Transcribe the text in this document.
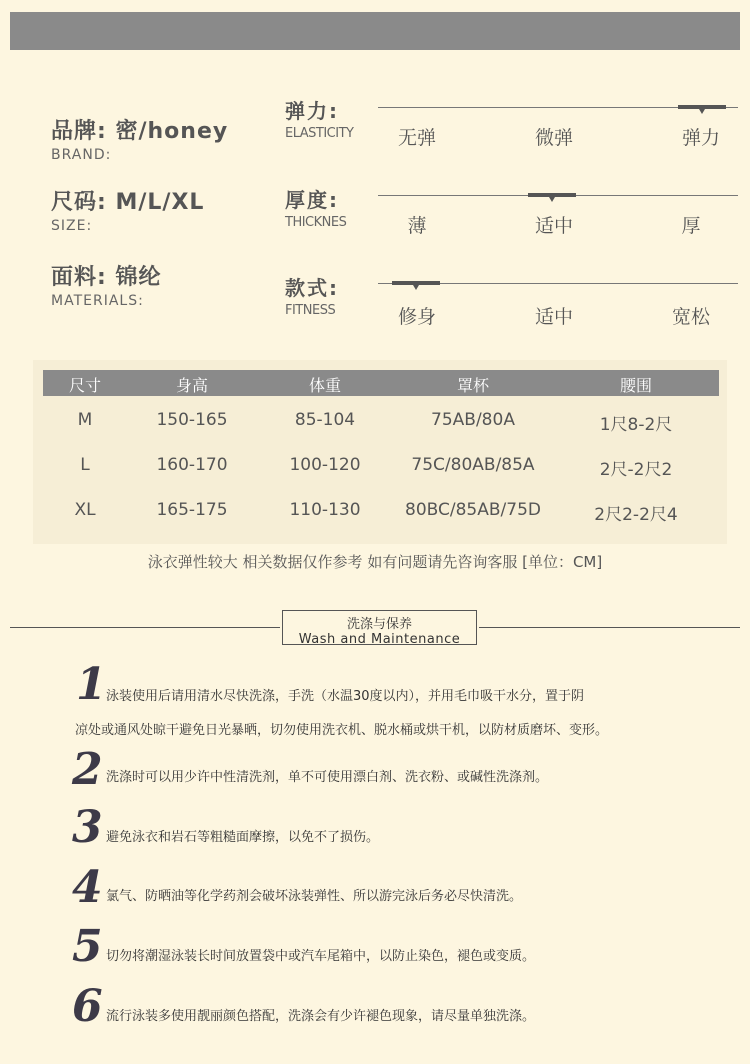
品牌: 密/honey
BRAND:
尺码: M/L/XL
SIZE:
面料: 锦纶
MATERIALS:
弹力:
ELASTICITY	无弹	微弹	弹力
厚度:
THICKNES	薄	适中	厚
款式:
FITNESS	修身	适中	宽松
尺寸	身高	体重	罩杯	腰围
M	150-165	85-104	75AB/80A	1尺8-2尺
L	160-170	100-120	75C/80AB/85A	2尺-2尺2
XL	165-175	110-130	80BC/85AB/75D	2尺2-2尺4
泳衣弹性较大 相关数据仅作参考 如有问题请先咨询客服 [单位：CM]
洗涤与保养
Wash and Maintenance
1 泳装使用后请用清水尽快洗涤，手洗（水温30度以内），并用毛巾吸干水分，置于阴
凉处或通风处晾干避免日光暴晒，切勿使用洗衣机、脱水桶或烘干机，以防材质磨坏、变形。
2 洗涤时可以用少许中性清洗剂，单不可使用漂白剂、洗衣粉、或碱性洗涤剂。
3 避免泳衣和岩石等粗糙面摩擦，以免不了损伤。
4 氯气、防晒油等化学药剂会破坏泳装弹性、所以游完泳后务必尽快清洗。
5 切勿将潮湿泳装长时间放置袋中或汽车尾箱中，以防止染色，褪色或变质。
6 流行泳装多使用靓丽颜色搭配，洗涤会有少许褪色现象，请尽量单独洗涤。
